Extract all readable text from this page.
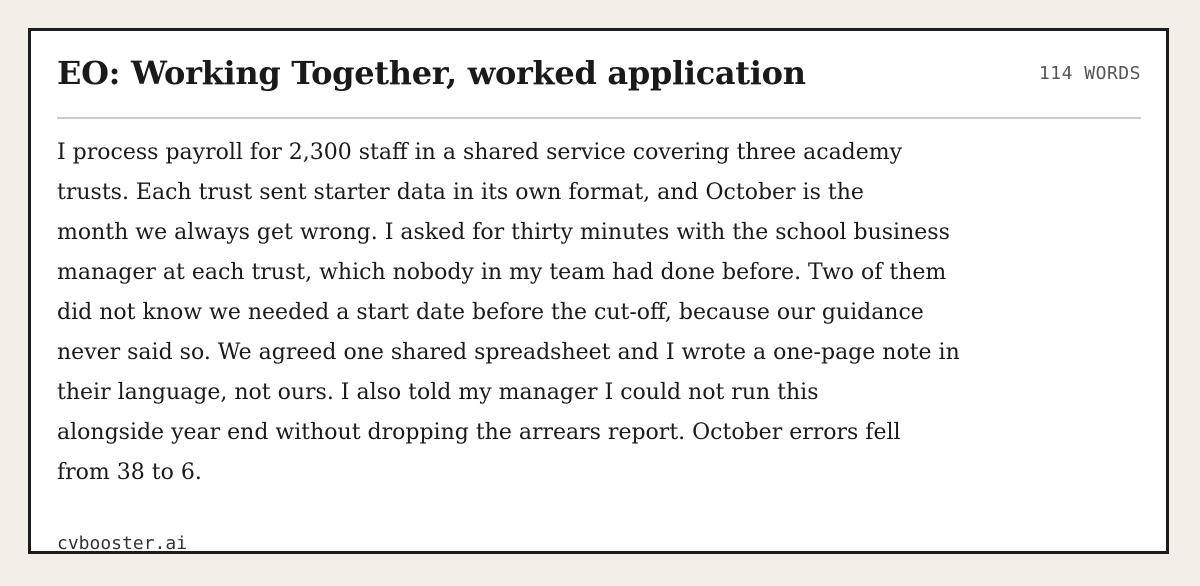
EO: Working Together, worked application	114 WORDS

I process payroll for 2,300 staff in a shared service covering three academy
trusts. Each trust sent starter data in its own format, and October is the
month we always get wrong. I asked for thirty minutes with the school business
manager at each trust, which nobody in my team had done before. Two of them
did not know we needed a start date before the cut-off, because our guidance
never said so. We agreed one shared spreadsheet and I wrote a one-page note in
their language, not ours. I also told my manager I could not run this
alongside year end without dropping the arrears report. October errors fell
from 38 to 6.

cvbooster.ai
